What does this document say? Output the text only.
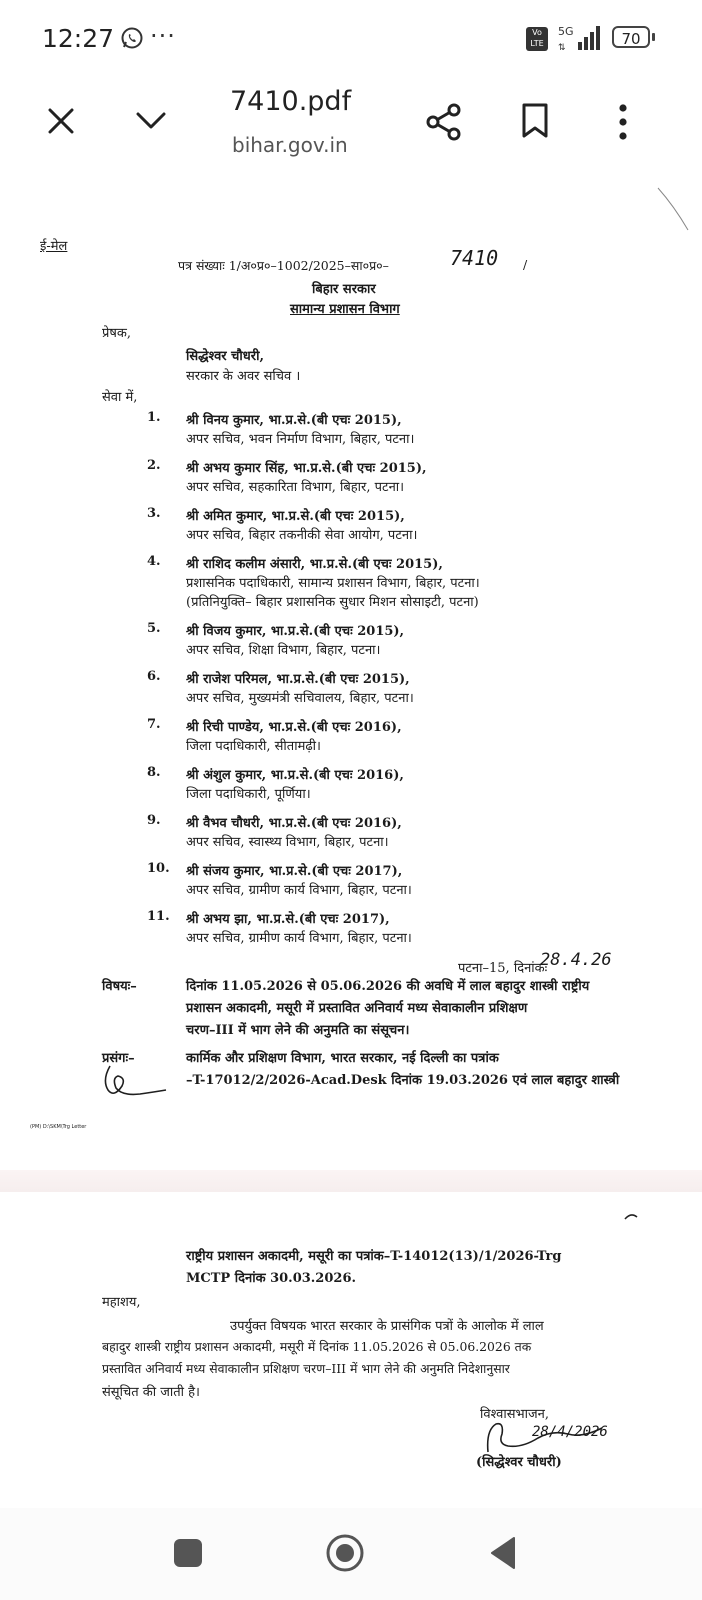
12:27 ···	Vo LTE
5G
⇅	70
7410.pdf
bihar.gov.in
ई-मेल
पत्र संख्याः 1/अ०प्र०–1002/2025–सा०प्र०–	7410 /
बिहार सरकार
सामान्य प्रशासन विभाग
प्रेषक,
सिद्धेश्वर चौधरी,
सरकार के अवर सचिव ।
सेवा में,
1. श्री विनय कुमार, भा.प्र.से.(बी एचः 2015),
अपर सचिव, भवन निर्माण विभाग, बिहार, पटना।
2. श्री अभय कुमार सिंह, भा.प्र.से.(बी एचः 2015),
अपर सचिव, सहकारिता विभाग, बिहार, पटना।
3. श्री अमित कुमार, भा.प्र.से.(बी एचः 2015),
अपर सचिव, बिहार तकनीकी सेवा आयोग, पटना।
4. श्री राशिद कलीम अंसारी, भा.प्र.से.(बी एचः 2015),
प्रशासनिक पदाधिकारी, सामान्य प्रशासन विभाग, बिहार, पटना।
(प्रतिनियुक्ति– बिहार प्रशासनिक सुधार मिशन सोसाइटी, पटना)
5. श्री विजय कुमार, भा.प्र.से.(बी एचः 2015),
अपर सचिव, शिक्षा विभाग, बिहार, पटना।
6. श्री राजेश परिमल, भा.प्र.से.(बी एचः 2015),
अपर सचिव, मुख्यमंत्री सचिवालय, बिहार, पटना।
7. श्री रिची पाण्डेय, भा.प्र.से.(बी एचः 2016),
जिला पदाधिकारी, सीतामढ़ी।
8. श्री अंशुल कुमार, भा.प्र.से.(बी एचः 2016),
जिला पदाधिकारी, पूर्णिया।
9. श्री वैभव चौधरी, भा.प्र.से.(बी एचः 2016),
अपर सचिव, स्वास्थ्य विभाग, बिहार, पटना।
10. श्री संजय कुमार, भा.प्र.से.(बी एचः 2017),
अपर सचिव, ग्रामीण कार्य विभाग, बिहार, पटना।
11. श्री अभय झा, भा.प्र.से.(बी एचः 2017),
अपर सचिव, ग्रामीण कार्य विभाग, बिहार, पटना।
पटना–15, दिनांकः
28.4.26
विषयः–	दिनांक 11.05.2026 से 05.06.2026 की अवधि में लाल बहादुर शास्त्री राष्ट्रीय
प्रशासन अकादमी, मसूरी में प्रस्तावित अनिवार्य मध्य सेवाकालीन प्रशिक्षण
चरण–III में भाग लेने की अनुमति का संसूचन।
प्रसंगः–	कार्मिक और प्रशिक्षण विभाग, भारत सरकार, नई दिल्ली का पत्रांक
–T-17012/2/2026-Acad.Desk दिनांक 19.03.2026 एवं लाल बहादुर शास्त्री
(PM) D:\SKM\Trg Letter
राष्ट्रीय प्रशासन अकादमी, मसूरी का पत्रांक–T-14012(13)/1/2026-Trg
MCTP दिनांक 30.03.2026.
महाशय,
उपर्युक्त विषयक भारत सरकार के प्रासंगिक पत्रों के आलोक में लाल
बहादुर शास्त्री राष्ट्रीय प्रशासन अकादमी, मसूरी में दिनांक 11.05.2026 से 05.06.2026 तक
प्रस्तावित अनिवार्य मध्य सेवाकालीन प्रशिक्षण चरण–III में भाग लेने की अनुमति निदेशानुसार
संसूचित की जाती है।
विश्वासभाजन,
28/4/2026
(सिद्धेश्वर चौधरी)
